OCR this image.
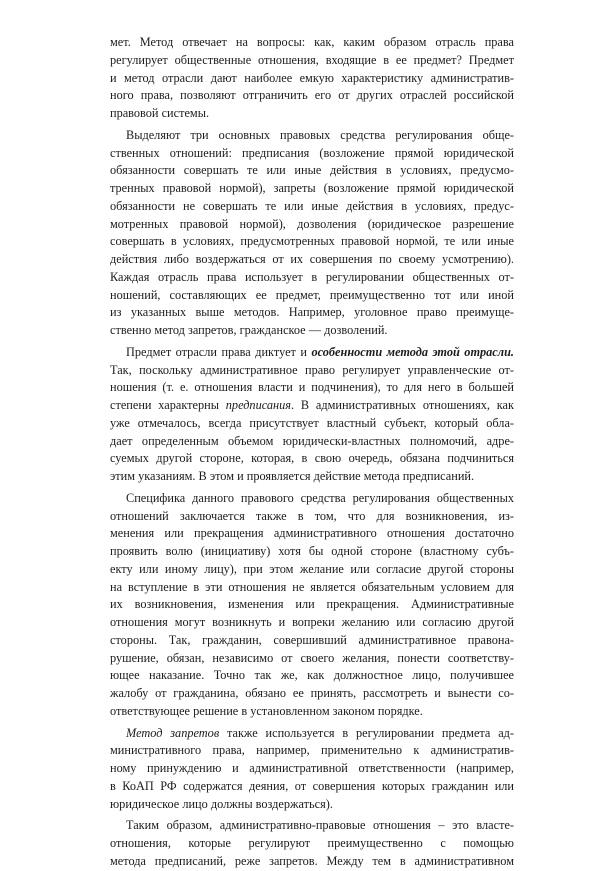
мет. Метод отвечает на вопросы: как, каким образом отрасль права
регулирует общественные отношения, входящие в ее предмет? Предмет
и метод отрасли дают наиболее емкую характеристику административ-
ного права, позволяют отграничить его от других отраслей российской
правовой системы.
Выделяют три основных правовых средства регулирования обще-
ственных отношений: предписания (возложение прямой юридической
обязанности совершать те или иные действия в условиях, предусмо-
тренных правовой нормой), запреты (возложение прямой юридической
обязанности не совершать те или иные действия в условиях, предус-
мотренных правовой нормой), дозволения (юридическое разрешение
совершать в условиях, предусмотренных правовой нормой, те или иные
действия либо воздержаться от их совершения по своему усмотрению).
Каждая отрасль права использует в регулировании общественных от-
ношений, составляющих ее предмет, преимущественно тот или иной
из указанных выше методов. Например, уголовное право преимуще-
ственно метод запретов, гражданское — дозволений.
Предмет отрасли права диктует и особенности метода этой отрасли.
Так, поскольку административное право регулирует управленческие от-
ношения (т. е. отношения власти и подчинения), то для него в большей
степени характерны предписания. В административных отношениях, как
уже отмечалось, всегда присутствует властный субъект, который обла-
дает определенным объемом юридически-властных полномочий, адре-
суемых другой стороне, которая, в свою очередь, обязана подчиниться
этим указаниям. В этом и проявляется действие метода предписаний.
Специфика данного правового средства регулирования общественных
отношений заключается также в том, что для возникновения, из-
менения или прекращения административного отношения достаточно
проявить волю (инициативу) хотя бы одной стороне (властному субъ-
екту или иному лицу), при этом желание или согласие другой стороны
на вступление в эти отношения не является обязательным условием для
их возникновения, изменения или прекращения. Административные
отношения могут возникнуть и вопреки желанию или согласию другой
стороны. Так, гражданин, совершивший административное правона-
рушение, обязан, независимо от своего желания, понести соответству-
ющее наказание. Точно так же, как должностное лицо, получившее
жалобу от гражданина, обязано ее принять, рассмотреть и вынести со-
ответствующее решение в установленном законом порядке.
Метод запретов также используется в регулировании предмета ад-
министративного права, например, применительно к административ-
ному принуждению и административной ответственности (например,
в КоАП РФ содержатся деяния, от совершения которых гражданин или
юридическое лицо должны воздержаться).
Таким образом, административно-правовые отношения – это власте-
отношения, которые регулируют преимущественно с помощью
метода предписаний, реже запретов. Между тем в административном
